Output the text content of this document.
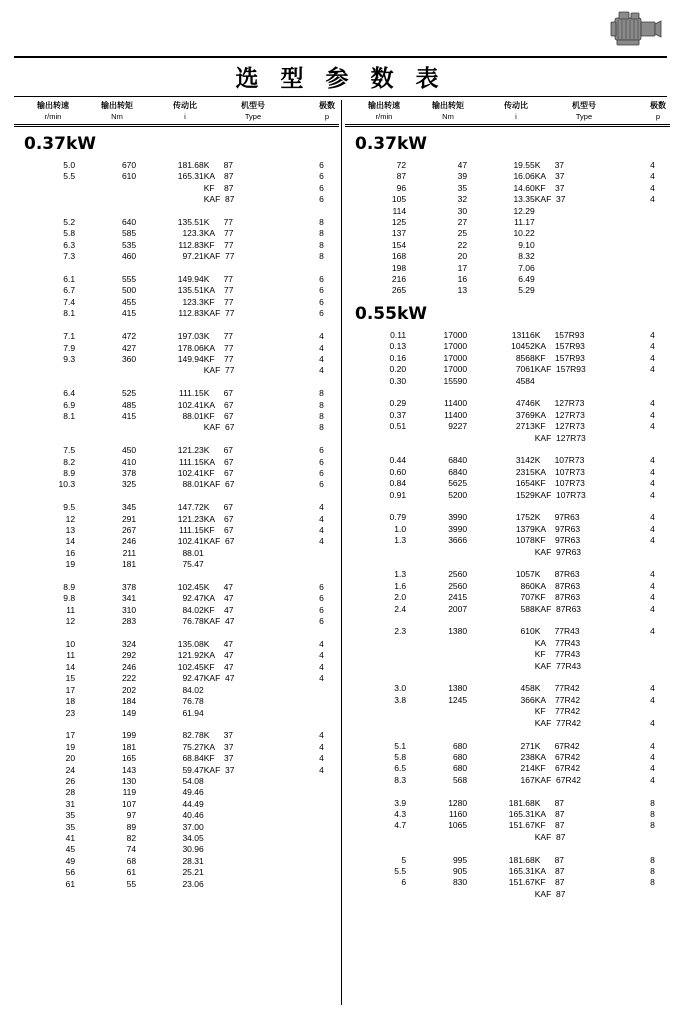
选 型 参 数 表
输出转速
r/min
输出转矩
Nm
传动比
i
机型号
Type
极数
p
0.37kW
5.0	670	181.68	K      87	6
5.5	610	165.31	KA    87	6
			KF    87	6
			KAF  87	6

5.2	640	135.51	K      77	8
5.8	585	123.3	KA    77	8
6.3	535	112.83	KF    77	8
7.3	460	97.21	KAF  77	8

6.1	555	149.94	K      77	6
6.7	500	135.51	KA    77	6
7.4	455	123.3	KF    77	6
8.1	415	112.83	KAF  77	6

7.1	472	197.03	K      77	4
7.9	427	178.06	KA    77	4
9.3	360	149.94	KF    77	4
			KAF  77	4

6.4	525	111.15	K      67	8
6.9	485	102.41	KA    67	8
8.1	415	88.01	KF    67	8
			KAF  67	8

7.5	450	121.23	K      67	6
8.2	410	111.15	KA    67	6
8.9	378	102.41	KF    67	6
10.3	325	88.01	KAF  67	6

9.5	345	147.72	K      67	4
12	291	121.23	KA    67	4
13	267	111.15	KF    67	4
14	246	102.41	KAF  67	4
16	211	88.01		
19	181	75.47		

8.9	378	102.45	K      47	6
9.8	341	92.47	KA    47	6
11	310	84.02	KF    47	6
12	283	76.78	KAF  47	6

10	324	135.08	K      47	4
11	292	121.92	KA    47	4
14	246	102.45	KF    47	4
15	222	92.47	KAF  47	4
17	202	84.02		
18	184	76.78		
23	149	61.94		

17	199	82.78	K      37	4
19	181	75.27	KA    37	4
20	165	68.84	KF    37	4
24	143	59.47	KAF  37	4
26	130	54.08		
28	119	49.46		
31	107	44.49		
35	97	40.46		
35	89	37.00		
41	82	34.05		
45	74	30.96		
49	68	28.31		
56	61	25.21		
61	55	23.06		
输出转速
r/min
输出转矩
Nm
传动比
i
机型号
Type
极数
p
0.37kW
72	47	19.55	K      37	4
87	39	16.06	KA    37	4
96	35	14.60	KF    37	4
105	32	13.35	KAF  37	4
114	30	12.29		
125	27	11.17		
137	25	10.22		
154	22	9.10		
168	20	8.32		
198	17	7.06		
216	16	6.49		
265	13	5.29		
0.55kW
0.11	17000	13116	K      157R93	4
0.13	17000	10452	KA    157R93	4
0.16	17000	8568	KF    157R93	4
0.20	17000	7061	KAF  157R93	4
0.30	15590	4584		

0.29	11400	4746	K      127R73	4
0.37	11400	3769	KA    127R73	4
0.51	9227	2713	KF    127R73	4
			KAF  127R73	

0.44	6840	3142	K      107R73	4
0.60	6840	2315	KA    107R73	4
0.84	5625	1654	KF    107R73	4
0.91	5200	1529	KAF  107R73	4

0.79	3990	1752	K      97R63	4
1.0	3990	1379	KA    97R63	4
1.3	3666	1078	KF    97R63	4
			KAF  97R63	

1.3	2560	1057	K      87R63	4
1.6	2560	860	KA    87R63	4
2.0	2415	707	KF    87R63	4
2.4	2007	588	KAF  87R63	4

2.3	1380	610	K      77R43	4
			KA    77R43	
			KF    77R43	
			KAF  77R43	

3.0	1380	458	K      77R42	4
3.8	1245	366	KA    77R42	4
			KF    77R42	
			KAF  77R42	4

5.1	680	271	K      67R42	4
5.8	680	238	KA    67R42	4
6.5	680	214	KF    67R42	4
8.3	568	167	KAF  67R42	4

3.9	1280	181.68	K      87	8
4.3	1160	165.31	KA    87	8
4.7	1065	151.67	KF    87	8
			KAF  87	

5	995	181.68	K      87	8
5.5	905	165.31	KA    87	8
6	830	151.67	KF    87	8
			KAF  87	
